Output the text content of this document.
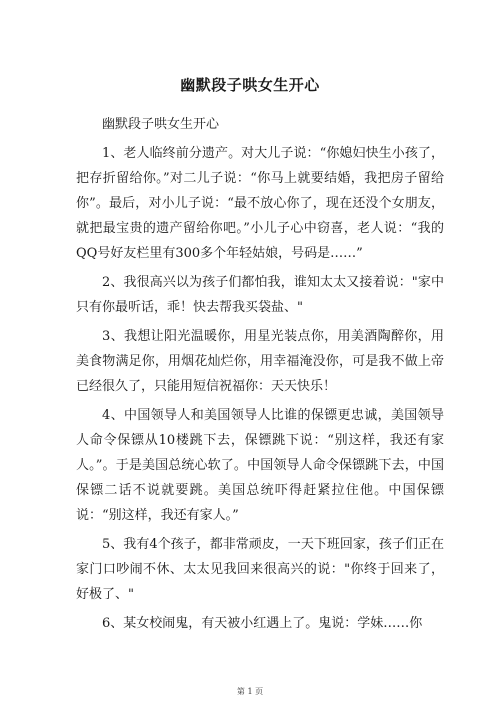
幽默段子哄女生开心

幽默段子哄女生开心

1、老人临终前分遗产。对大儿子说：“你媳妇快生小孩了，把存折留给你。”对二儿子说：“你马上就要结婚，我把房子留给你”。最后，对小儿子说：“最不放心你了，现在还没个女朋友，就把最宝贵的遗产留给你吧。”小儿子心中窃喜，老人说：“我的QQ号好友栏里有300多个年轻姑娘，号码是……”

2、我很高兴以为孩子们都怕我，谁知太太又接着说："家中只有你最听话，乖！快去帮我买袋盐、"

3、我想让阳光温暖你，用星光装点你，用美酒陶醉你，用美食物满足你，用烟花灿烂你，用幸福淹没你，可是我不做上帝已经很久了，只能用短信祝福你：天天快乐！

4、中国领导人和美国领导人比谁的保镖更忠诚，美国领导人命令保镖从10楼跳下去，保镖跳下说：“别这样，我还有家人。”。于是美国总统心软了。中国领导人命令保镖跳下去，中国保镖二话不说就要跳。美国总统吓得赶紧拉住他。中国保镖说：“别这样，我还有家人。”

5、我有4个孩子，都非常顽皮，一天下班回家，孩子们正在家门口吵闹不休、太太见我回来很高兴的说："你终于回来了，好极了、"

6、某女校闹鬼，有天被小红遇上了。鬼说：学妹……你

第 1 页
